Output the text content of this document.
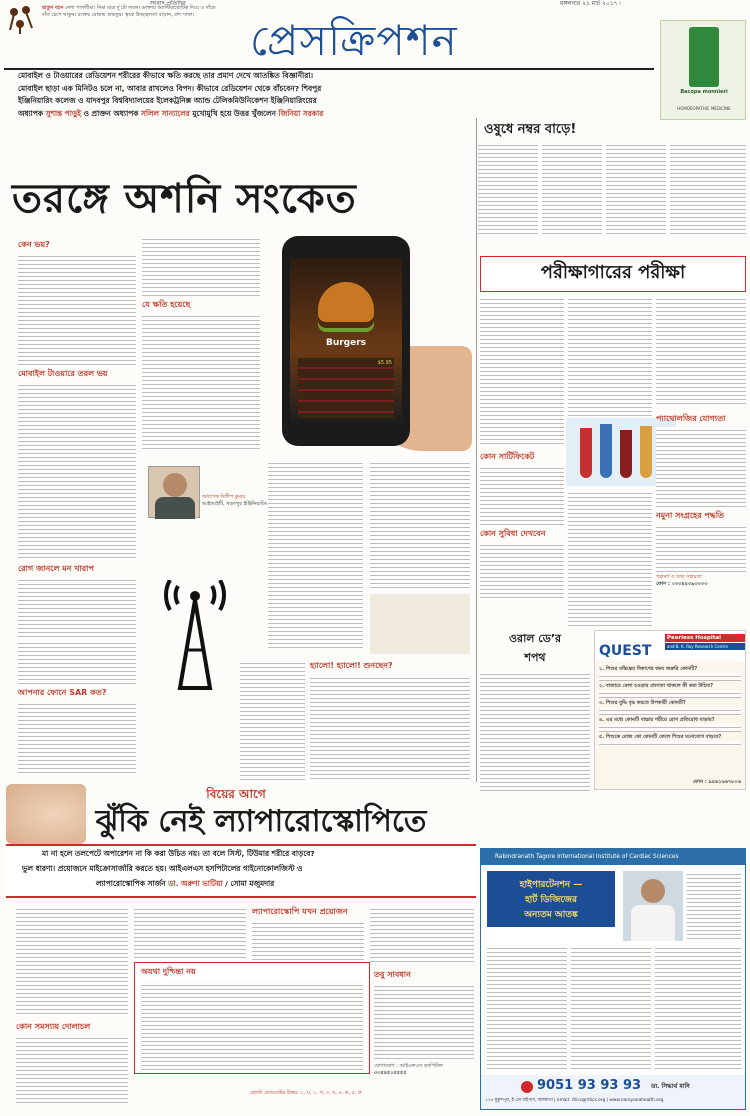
সংবাদ প্রতিদিন	মঙ্গলবার ২১ মার্চ ২০১৭ ৷
ছাতুন বচন নেশা পাগলীমা। নিমা মাত্র দু'টো লবঙ্গ। ডাক্তার অ্যান্টিবায়োটিক দিয়ে ও দাঁতে দাঁত চেপে থাকুন। রক্তের মোকাম শুদ্ধতুর। ত্বকে উজ্জ্বলতা বাড়ান, প্রশ সাফা।
প্রেসক্রিপশন
Bacopa monnieri
HOMOEOPATHIC MEDICINE
মোবাইল ও টাওয়ারের রেডিয়েশন শরীরের কীভাবে ক্ষতি করছে তার প্রমাণ দেখে আতঙ্কিত বিজ্ঞানীরা।
মোবাইল ছাড়া এক মিনিটও চলে না, আবার রাখলেও বিপদ। কীভাবে রেডিয়েশন থেকে বাঁচবেন? শিবপুর
ইঞ্জিনিয়ারিং কলেজ ও যাদবপুর বিশ্ববিদ্যালয়ের ইলেকট্রনিক্স অ্যান্ড টেলিকমিউনিকেশন ইঞ্জিনিয়ারিংয়ের
অধ্যাপক সুশান্ত পাড়ুই ও প্রাক্তন অধ্যাপক সলিল সান্যালের মুখোমুখি হয়ে উত্তর খুঁজলেন জিনিয়া সরকার
তরঙ্গে অশনি সংকেত
কেন ভয়?
মোবাইল টাওয়ারে তরল ভয়
রোগ জানলে মন খারাপ
আপনার ফোনে SAR কত?
যে ক্ষতি হয়েছে
Burgers
$5.95
অধ্যাপক দিলীপ কুমার
আইআইটি, খড়্গপুর ইঞ্জিনিয়ারিং
হ্যালো! হ্যালো! শুনছেন?
ওষুধে নম্বর বাড়ে!
পরীক্ষাগারের পরীক্ষা
কোন সার্টিফিকেট
কোন সুবিধা দেখবেন
প্যাথোলজির যোগ্যতা
নমুনা সংগ্রহের পদ্ধতি
পরামর্শ ও তথ্য সহায়তা
ফোন : ০৩৩৪৪৩৯৩৩৩৩
ওরাল ডে’র
শপথ	QUEST
Peerless Hospital
and B. K. Roy Research Centre
১. শিশুর মস্তিষ্কের বিকাশের জন্য জরুরি কোনটি?
২. বাজারে মেলা চওড়ার প্রবণতা থাকলে কী করা উচিত?
৩. শিশুর বুদ্ধি বৃদ্ধ করতে উপকারী কোনটি?
৪. এর মধ্যে কোনটি বাচ্চার শরীরে রোগ প্রতিরোধ বাড়ায়?
৫. শিশুকে রোজ কো কোনটি ফেলে শিশুর মনোযোগ বাড়বে?
ফোন : ৯৪৬১৬৬৭৮০৬
বিয়ের আগে
ঝুঁকি নেই ল্যাপারোস্কোপিতে
মা না হলে তলপেটে অপারেশন না কি করা উচিত নয়। তা বলে সিস্ট, টিউমার শরীরে বাড়বে?
ভুল ধারণা। প্রয়োজনে মাইক্রোসার্জারি করতে হয়। আইএলএস হসপিটালের গাইনোকোলজিস্ট ও
ল্যাপারোস্কোপিক সার্জন ডা. অরুণা ভাটিয়া / সোমা মজুমদার
কোন সমস্যায় দোলাচল
ল্যাপারোস্কোপি যখন প্রয়োজন
অযথা দুশ্চিন্তা নয়	তবু সাবধান
যোগাযোগ : আইএলএস হসপিটাল
৩৩৫৪৫০৫৫৫৫
হেলদি কোয়েস্টের উত্তর: ১. ঘ, ২. গ, ৩. ঘ, ৪. ক, ৫. ক
Rabindranath Tagore International Institute of Cardiac Sciences
হাইপারটেনশন —
হার্ট ডিজিজের
অন্যতম আতঙ্ক
9051 93 93 93 ডা. সিদ্ধার্থ মানি
১২৪ মুকুন্দপুর, ই এম বাইপাস, কলকাতা | email: rtiics@rtiics.org | www.narayanahealth.org
